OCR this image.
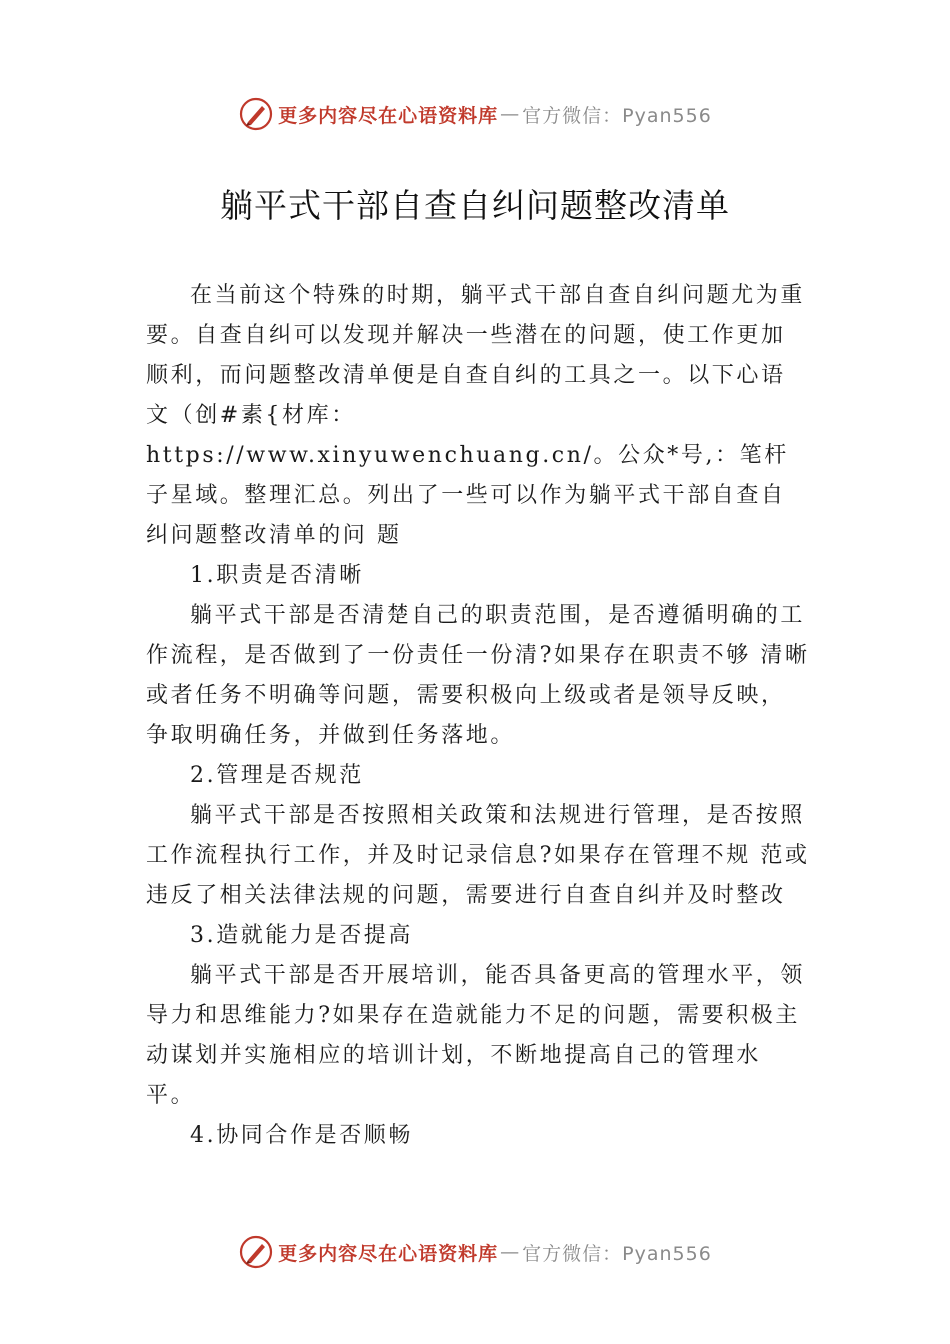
更多内容尽在心语资料库 — 官方微信：Pyan556
躺平式干部自查自纠问题整改清单

在当前这个特殊的时期，躺平式干部自查自纠问题尤为重要。自查自纠可以发现并解决一些潜在的问题，使工作更加顺利，而问题整改清单便是自查自纠的工具之一。以下心语文（创#素{材库：https://www.xinyuwenchuang.cn/。公众*号,：笔杆子星域。整理汇总。列出了一些可以作为躺平式干部自查自纠问题整改清单的问 题

1.职责是否清晰

躺平式干部是否清楚自己的职责范围，是否遵循明确的工作流程，是否做到了一份责任一份清?如果存在职责不够 清晰或者任务不明确等问题，需要积极向上级或者是领导反映，争取明确任务，并做到任务落地。

2.管理是否规范

躺平式干部是否按照相关政策和法规进行管理，是否按照工作流程执行工作，并及时记录信息?如果存在管理不规 范或违反了相关法律法规的问题，需要进行自查自纠并及时整改

3.造就能力是否提高

躺平式干部是否开展培训，能否具备更高的管理水平，领导力和思维能力?如果存在造就能力不足的问题，需要积极主动谋划并实施相应的培训计划，不断地提高自己的管理水平。

4.协同合作是否顺畅

更多内容尽在心语资料库 — 官方微信：Pyan556
